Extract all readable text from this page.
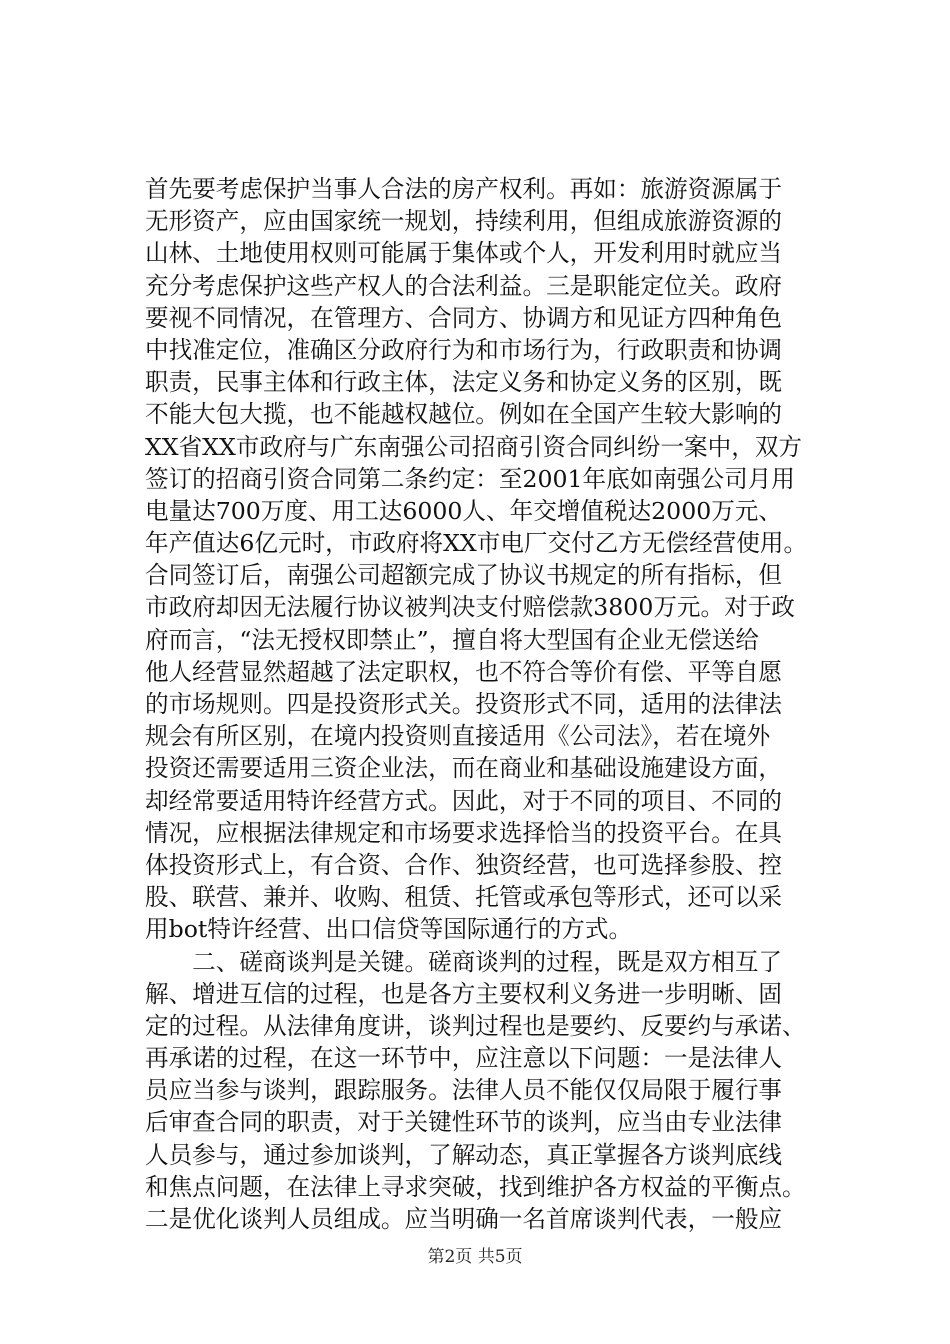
首先要考虑保护当事人合法的房产权利。再如：旅游资源属于
无形资产，应由国家统一规划，持续利用，但组成旅游资源的
山林、土地使用权则可能属于集体或个人，开发利用时就应当
充分考虑保护这些产权人的合法利益。三是职能定位关。政府
要视不同情况，在管理方、合同方、协调方和见证方四种角色
中找准定位，准确区分政府行为和市场行为，行政职责和协调
职责，民事主体和行政主体，法定义务和协定义务的区别，既
不能大包大揽，也不能越权越位。例如在全国产生较大影响的
XX省XX市政府与广东南强公司招商引资合同纠纷一案中，双方
签订的招商引资合同第二条约定：至2001年底如南强公司月用
电量达700万度、用工达6000人、年交增值税达2000万元、
年产值达6亿元时，市政府将XX市电厂交付乙方无偿经营使用。
合同签订后，南强公司超额完成了协议书规定的所有指标，但
市政府却因无法履行协议被判决支付赔偿款3800万元。对于政
府而言，“法无授权即禁止”，擅自将大型国有企业无偿送给
他人经营显然超越了法定职权，也不符合等价有偿、平等自愿
的市场规则。四是投资形式关。投资形式不同，适用的法律法
规会有所区别，在境内投资则直接适用《公司法》，若在境外
投资还需要适用三资企业法，而在商业和基础设施建设方面，
却经常要适用特许经营方式。因此，对于不同的项目、不同的
情况，应根据法律规定和市场要求选择恰当的投资平台。在具
体投资形式上，有合资、合作、独资经营，也可选择参股、控
股、联营、兼并、收购、租赁、托管或承包等形式，还可以采
用bot特许经营、出口信贷等国际通行的方式。
　　二、磋商谈判是关键。磋商谈判的过程，既是双方相互了
解、增进互信的过程，也是各方主要权利义务进一步明晰、固
定的过程。从法律角度讲，谈判过程也是要约、反要约与承诺、
再承诺的过程，在这一环节中，应注意以下问题：一是法律人
员应当参与谈判，跟踪服务。法律人员不能仅仅局限于履行事
后审查合同的职责，对于关键性环节的谈判，应当由专业法律
人员参与，通过参加谈判，了解动态，真正掌握各方谈判底线
和焦点问题，在法律上寻求突破，找到维护各方权益的平衡点。
二是优化谈判人员组成。应当明确一名首席谈判代表，一般应
第2页 共5页
